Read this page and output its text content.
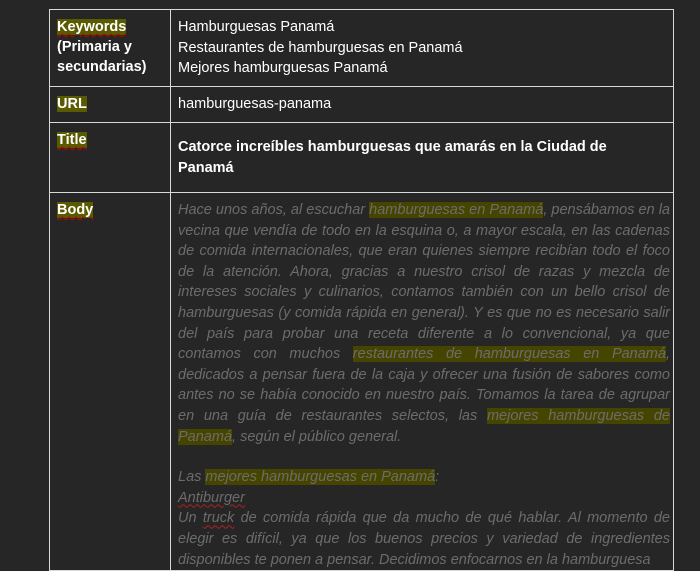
Keywords
(Primaria y
secundarias)	Hamburguesas Panamá
Restaurantes de hamburguesas en Panamá
Mejores hamburguesas Panamá

URL	hamburguesas-panama

Title	Catorce increíbles hamburguesas que amarás en la Ciudad de Panamá

Body	Hace unos años, al escuchar hamburguesas en Panamá, pensábamos en la vecina que vendía de todo en la esquina o, a mayor escala, en las cadenas de comida internacionales, que eran quienes siempre recibían todo el foco de la atención. Ahora, gracias a nuestro crisol de razas y mezcla de intereses sociales y culinarios, contamos también con un bello crisol de hamburguesas (y comida rápida en general). Y es que no es necesario salir del país para probar una receta diferente a lo convencional, ya que contamos con muchos restaurantes de hamburguesas en Panamá, dedicados a pensar fuera de la caja y ofrecer una fusión de sabores como antes no se había conocido en nuestro país. Tomamos la tarea de agrupar en una guía de restaurantes selectos, las mejores hamburguesas de Panamá, según el público general.

Las mejores hamburguesas en Panamá:

Antiburger

Un truck de comida rápida que da mucho de qué hablar. Al momento de elegir es difícil, ya que los buenos precios y variedad de ingredientes disponibles te ponen a pensar. Decidimos enfocarnos en la hamburguesa
